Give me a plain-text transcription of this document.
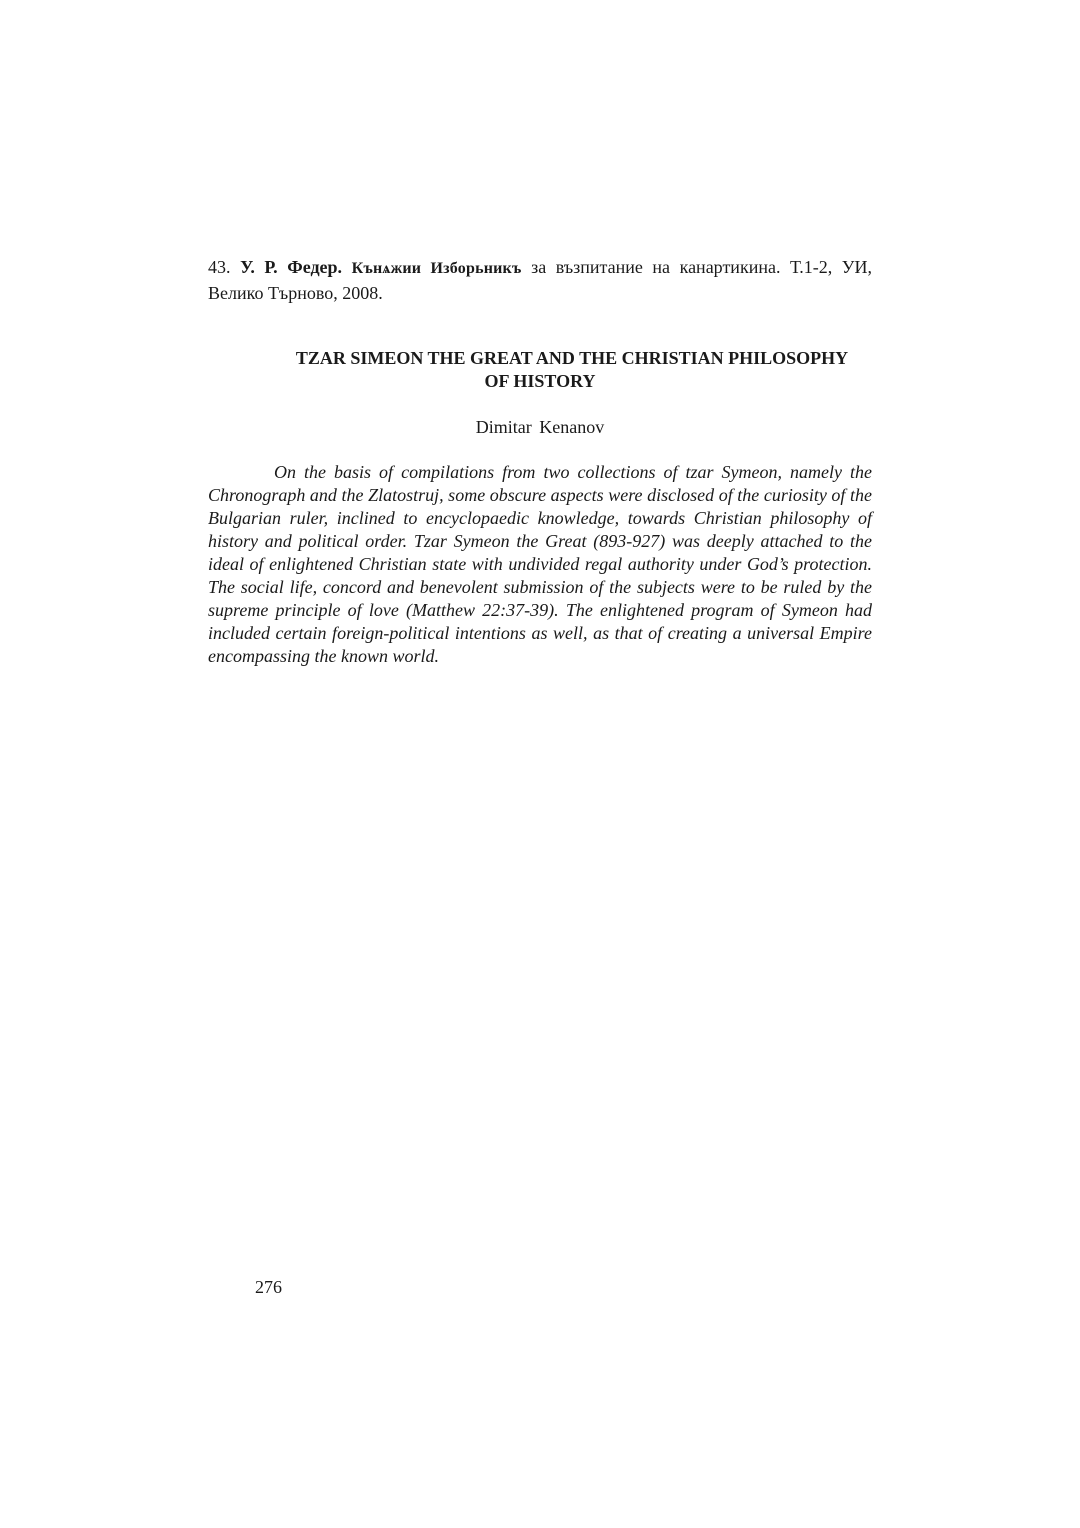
43. У. Р. Федер. Кънѧжии Изборьникъ за възпитание на канартикина. Т.1-2, УИ, Велико Търново, 2008.
TZAR SIMEON THE GREAT AND THE CHRISTIAN PHILOSOPHY
OF HISTORY
Dimitar Kenanov

On the basis of compilations from two collections of tzar Symeon, namely the Chronograph and the Zlatostruj, some obscure aspects were disclosed of the curiosity of the Bulgarian ruler, inclined to encyclopaedic knowledge, towards Christian philosophy of history and political order. Tzar Symeon the Great (893-927) was deeply attached to the ideal of enlightened Christian state with undivided regal authority under God’s protection. The social life, concord and benevolent submission of the subjects were to be ruled by the supreme principle of love (Matthew 22:37-39). The enlightened program of Symeon had included certain foreign-political intentions as well, as that of creating a universal Empire encompassing the known world.

276
